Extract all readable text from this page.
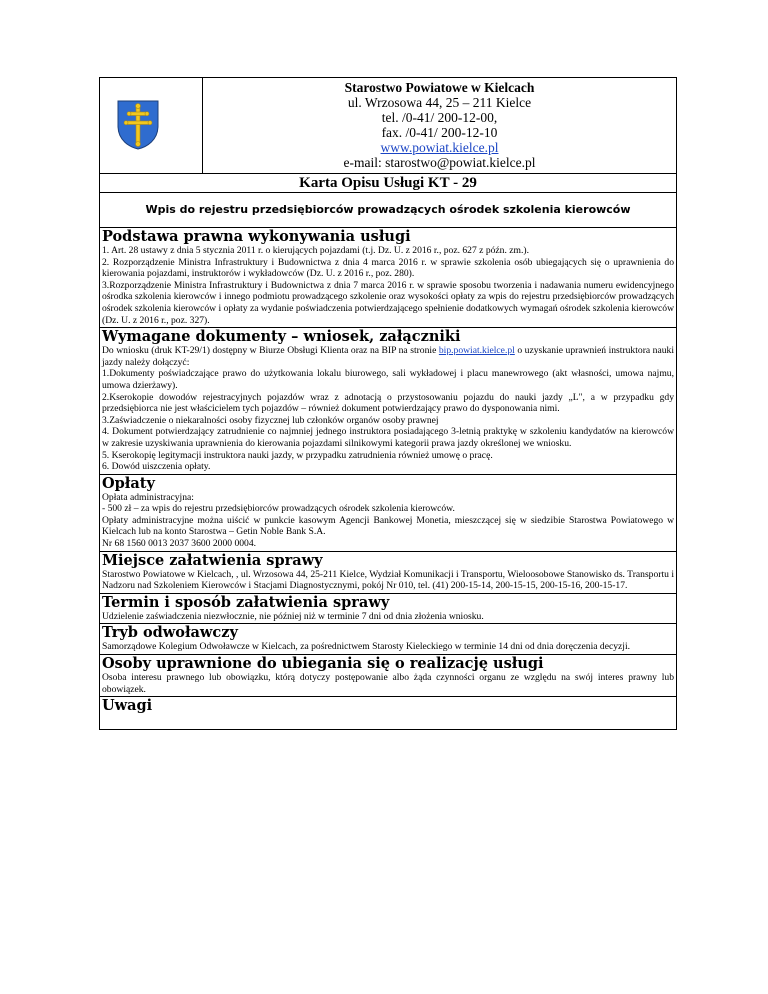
Starostwo Powiatowe w Kielcach
ul. Wrzosowa 44, 25 – 211 Kielce
tel. /0-41/ 200-12-00,
fax. /0-41/ 200-12-10
www.powiat.kielce.pl
e-mail: starostwo@powiat.kielce.pl
Karta Opisu Usługi KT - 29
Wpis do rejestru przedsiębiorców prowadzących ośrodek szkolenia kierowców
Podstawa prawna wykonywania usługi

1. Art. 28 ustawy z dnia 5 stycznia 2011 r. o kierujących pojazdami (t.j. Dz. U. z 2016 r., poz. 627 z późn. zm.).

2. Rozporządzenie Ministra Infrastruktury i Budownictwa z dnia 4 marca 2016 r. w sprawie szkolenia osób ubiegających się o uprawnienia do kierowania pojazdami, instruktorów i wykładowców (Dz. U. z 2016 r., poz. 280).

3.Rozporządzenie Ministra Infrastruktury i Budownictwa z dnia 7 marca 2016 r. w sprawie sposobu tworzenia i nadawania numeru ewidencyjnego ośrodka szkolenia kierowców i innego podmiotu prowadzącego szkolenie oraz wysokości opłaty za wpis do rejestru przedsiębiorców prowadzących ośrodek szkolenia kierowców i opłaty za wydanie poświadczenia potwierdzającego spełnienie dodatkowych wymagań ośrodek szkolenia kierowców (Dz. U. z 2016 r., poz. 327).

Wymagane dokumenty – wniosek, załączniki

Do wniosku (druk KT-29/1) dostępny w Biurze Obsługi Klienta oraz na BIP na stronie bip.powiat.kielce.pl o uzyskanie uprawnień instruktora nauki jazdy należy dołączyć:

1.Dokumenty poświadczające prawo do użytkowania lokalu biurowego, sali wykładowej i placu manewrowego (akt własności, umowa najmu, umowa dzierżawy).

2.Kserokopie dowodów rejestracyjnych pojazdów wraz z adnotacją o przystosowaniu pojazdu do nauki jazdy „L", a w przypadku gdy przedsiębiorca nie jest właścicielem tych pojazdów – również dokument potwierdzający prawo do dysponowania nimi.

3.Zaświadczenie o niekaralności osoby fizycznej lub członków organów osoby prawnej

4. Dokument potwierdzający zatrudnienie co najmniej jednego instruktora posiadającego 3-letnią praktykę w szkoleniu kandydatów na kierowców w zakresie uzyskiwania uprawnienia do kierowania pojazdami silnikowymi kategorii prawa jazdy określonej we wniosku.

5. Kserokopię legitymacji instruktora nauki jazdy, w przypadku zatrudnienia również umowę o pracę.

6. Dowód uiszczenia opłaty.

Opłaty

Opłata administracyjna:

- 500 zł – za wpis do rejestru przedsiębiorców prowadzących ośrodek szkolenia kierowców.

Opłaty administracyjne można uiścić w punkcie kasowym Agencji Bankowej Monetia, mieszczącej się w siedzibie Starostwa Powiatowego w Kielcach lub na konto Starostwa – Getin Noble Bank S.A.

Nr 68 1560 0013 2037 3600 2000 0004.

Miejsce załatwienia sprawy

Starostwo Powiatowe w Kielcach, , ul. Wrzosowa 44, 25-211 Kielce, Wydział Komunikacji i Transportu, Wieloosobowe Stanowisko ds. Transportu i Nadzoru nad Szkoleniem Kierowców i Stacjami Diagnostycznymi, pokój Nr 010, tel. (41) 200-15-14, 200-15-15, 200-15-16, 200-15-17.

Termin i sposób załatwienia sprawy

Udzielenie zaświadczenia niezwłocznie, nie później niż w terminie 7 dni od dnia złożenia wniosku.

Tryb odwoławczy

Samorządowe Kolegium Odwoławcze w Kielcach, za pośrednictwem Starosty Kieleckiego w terminie 14 dni od dnia doręczenia decyzji.

Osoby uprawnione do ubiegania się o realizację usługi

Osoba interesu prawnego lub obowiązku, którą dotyczy postępowanie albo żąda czynności organu ze względu na swój interes prawny lub obowiązek.

Uwagi
